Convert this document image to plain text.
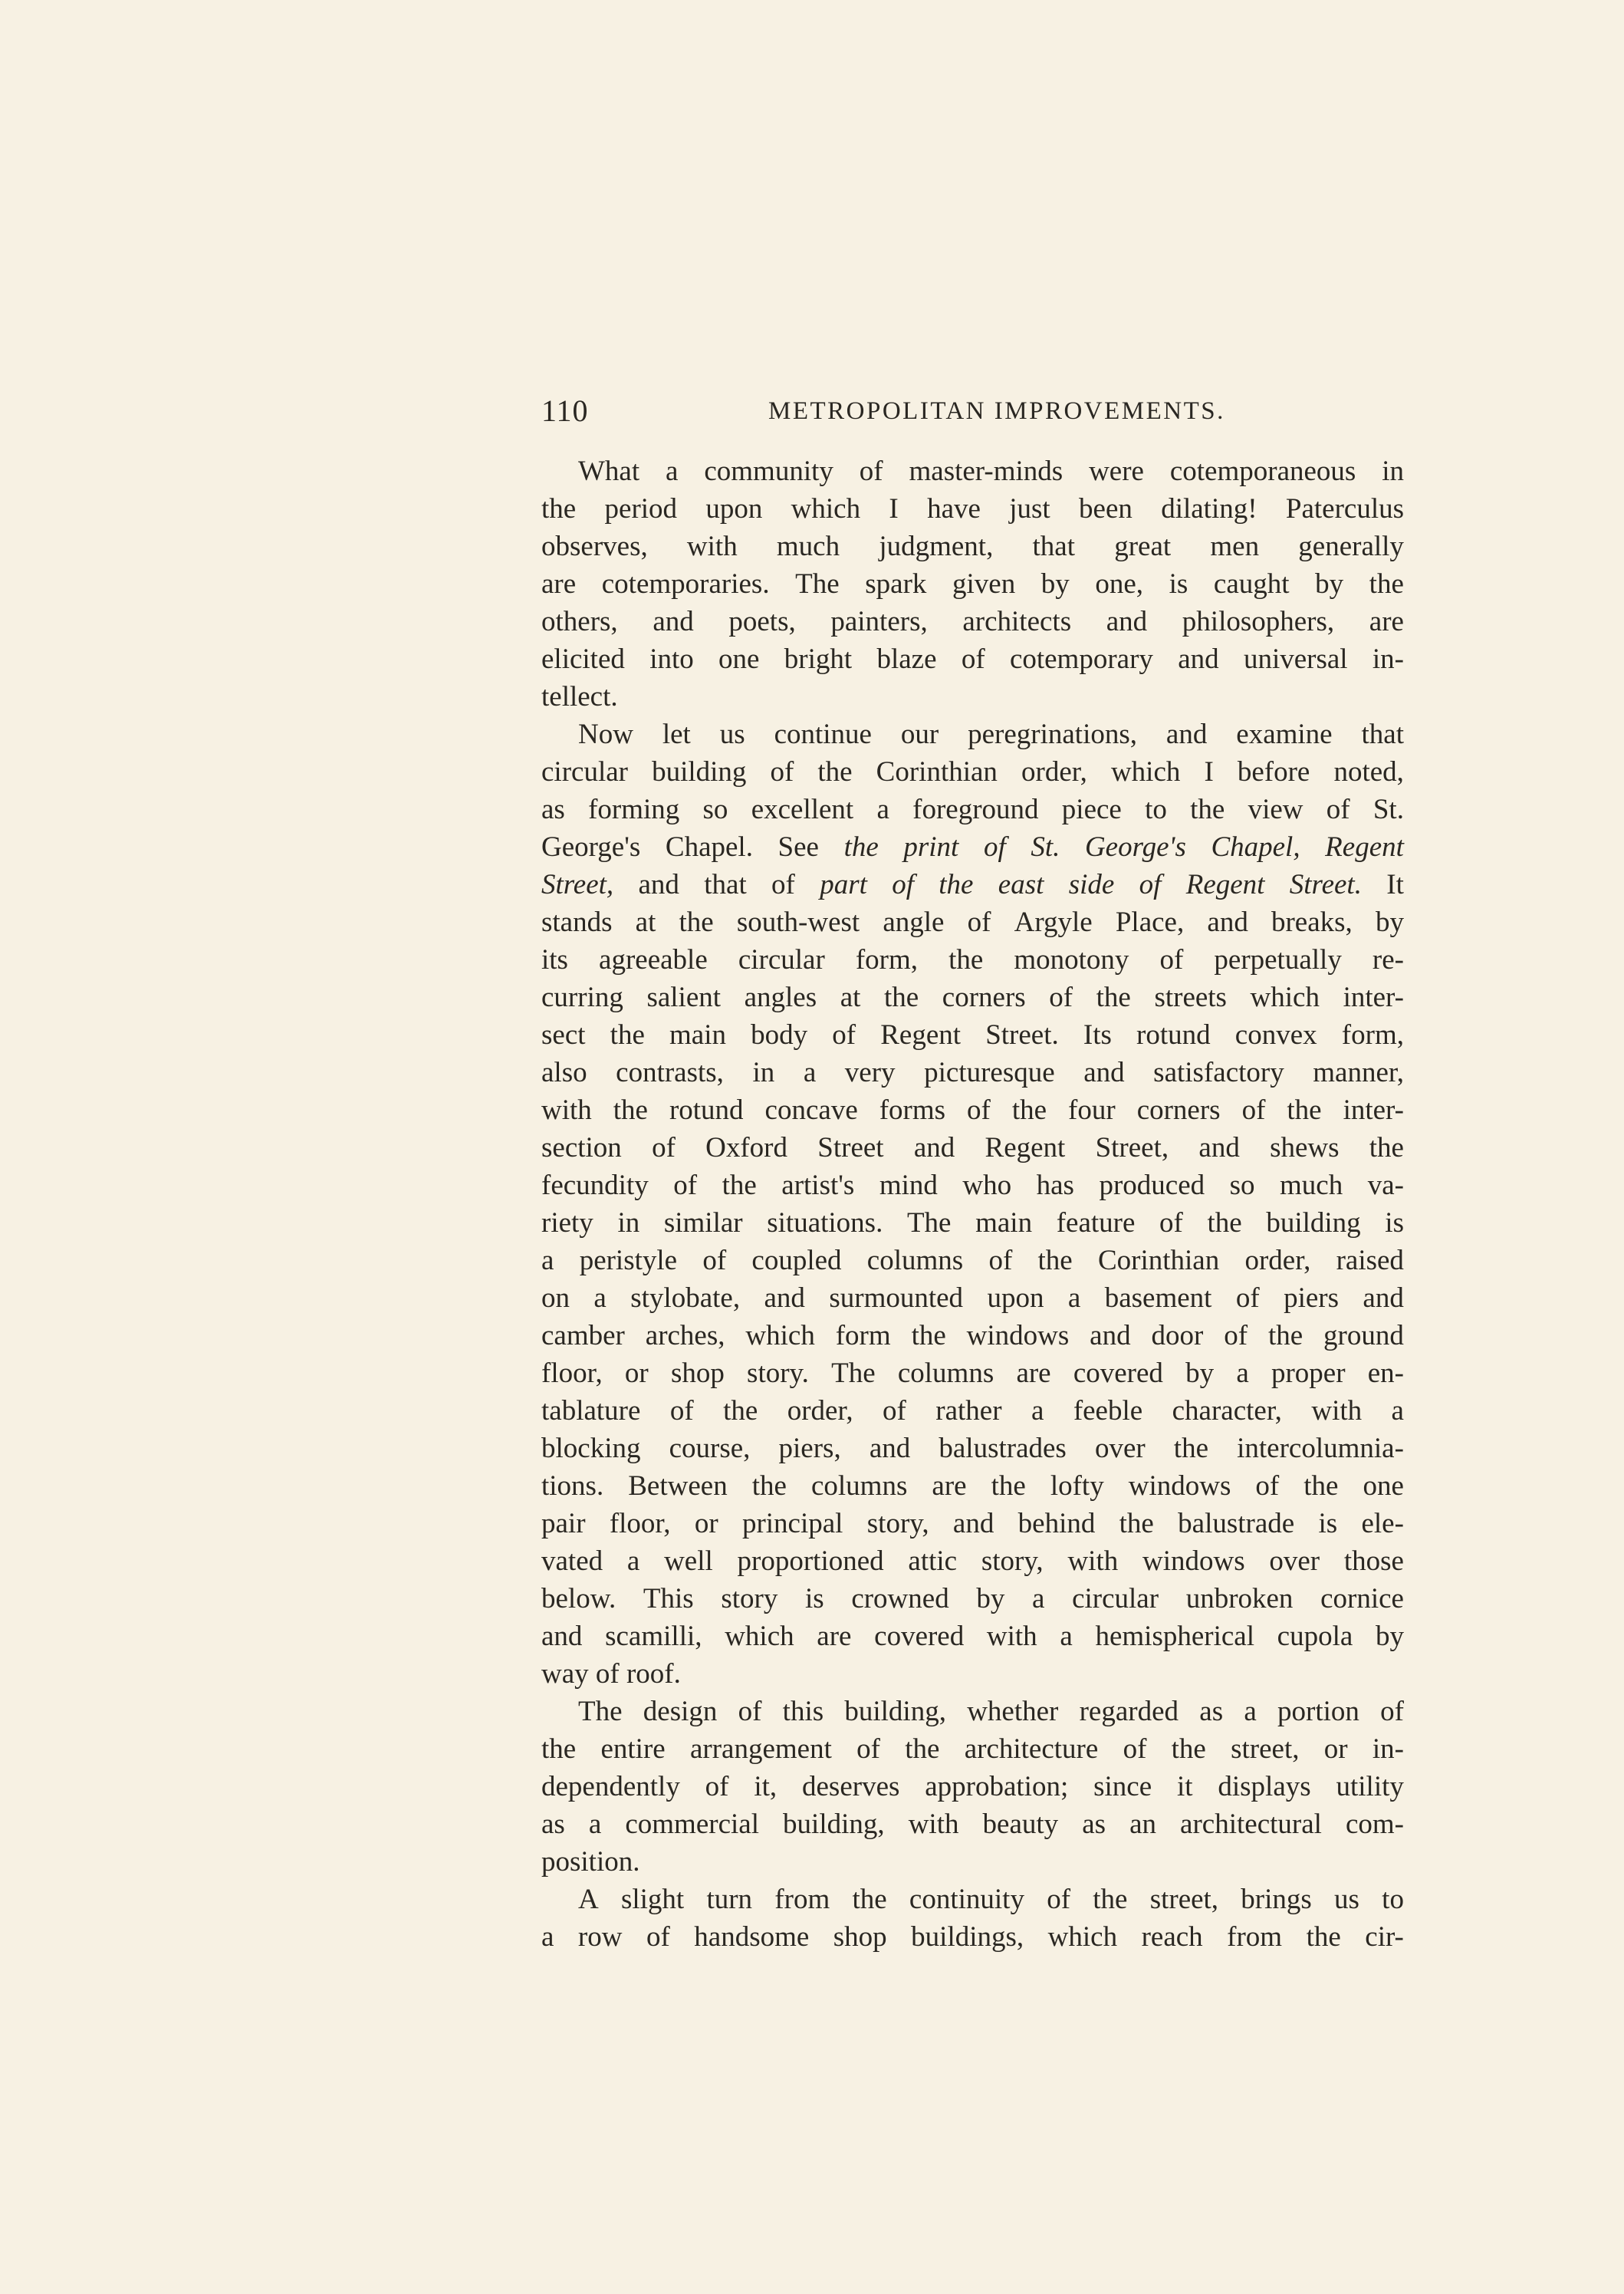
110	METROPOLITAN IMPROVEMENTS.
What a community of master-minds were cotemporaneous in
the period upon which I have just been dilating! Paterculus
observes, with much judgment, that great men generally
are cotemporaries. The spark given by one, is caught by the
others, and poets, painters, architects and philosophers, are
elicited into one bright blaze of cotemporary and universal in-
tellect.
Now let us continue our peregrinations, and examine that
circular building of the Corinthian order, which I before noted,
as forming so excellent a foreground piece to the view of St.
George's Chapel. See the print of St. George's Chapel, Regent
Street, and that of part of the east side of Regent Street. It
stands at the south-west angle of Argyle Place, and breaks, by
its agreeable circular form, the monotony of perpetually re-
curring salient angles at the corners of the streets which inter-
sect the main body of Regent Street. Its rotund convex form,
also contrasts, in a very picturesque and satisfactory manner,
with the rotund concave forms of the four corners of the inter-
section of Oxford Street and Regent Street, and shews the
fecundity of the artist's mind who has produced so much va-
riety in similar situations. The main feature of the building is
a peristyle of coupled columns of the Corinthian order, raised
on a stylobate, and surmounted upon a basement of piers and
camber arches, which form the windows and door of the ground
floor, or shop story. The columns are covered by a proper en-
tablature of the order, of rather a feeble character, with a
blocking course, piers, and balustrades over the intercolumnia-
tions. Between the columns are the lofty windows of the one
pair floor, or principal story, and behind the balustrade is ele-
vated a well proportioned attic story, with windows over those
below. This story is crowned by a circular unbroken cornice
and scamilli, which are covered with a hemispherical cupola by
way
of
roof.
The design of this building, whether regarded as a portion of
the entire arrangement of the architecture of the street, or in-
dependently of it, deserves approbation; since it displays utility
as a commercial building, with beauty as an architectural com-
position.
A slight turn from the continuity of the street, brings us to
a row of handsome shop buildings, which reach from the cir-
